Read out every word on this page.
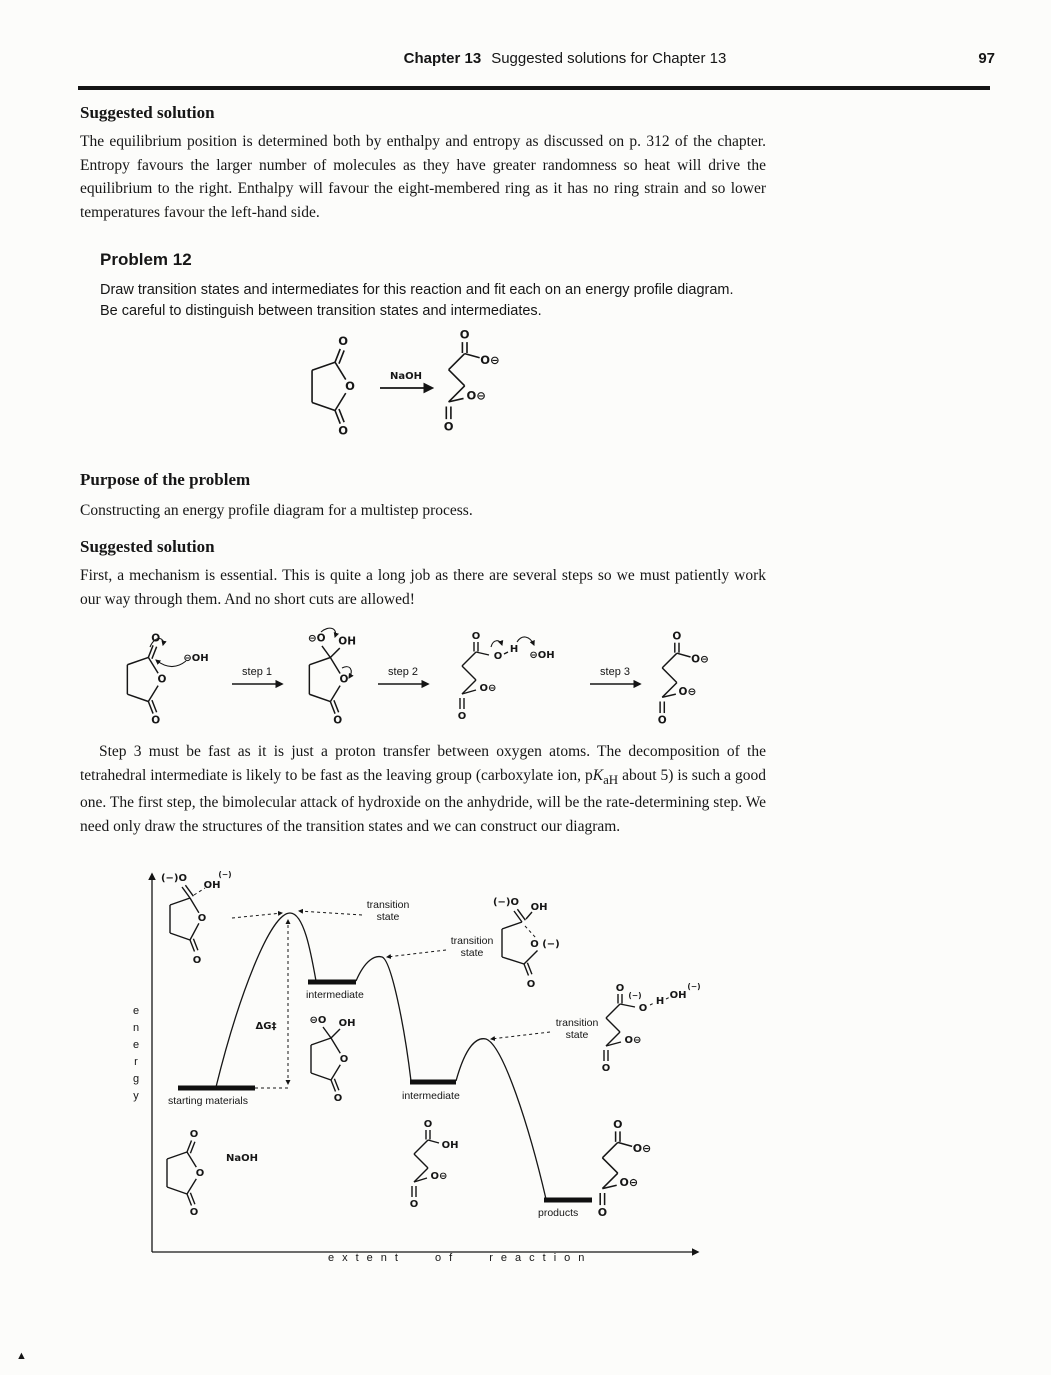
Chapter 13 Suggested solutions for Chapter 13	97
Suggested solution

The equilibrium position is determined both by enthalpy and entropy as discussed on p. 312 of the chapter. Entropy favours the larger number of molecules as they have greater randomness so heat will drive the equilibrium to the right. Enthalpy will favour the eight-membered ring as it has no ring strain and so lower temperatures favour the left-hand side.

Problem 12

Draw transition states and intermediates for this reaction and fit each on an energy profile diagram. Be careful to distinguish between transition states and intermediates.

NaOH
Purpose of the problem

Constructing an energy profile diagram for a multistep process.

Suggested solution

First, a mechanism is essential. This is quite a long job as there are several steps so we must patiently work our way through them. And no short cuts are allowed!

⊖OH
step 1	step 2
O
O
H
⊖OH
O⊖
O
step 3

Step 3 must be fast as it is just a proton transfer between oxygen atoms. The decomposition of the tetrahedral intermediate is likely to be fast as the leaving group (carboxylate ion, $pK_{aH}$ about 5) is such a good one. The first step, the bimolecular attack of hydroxide on the anhydride, will be the rate-determining step. We need only draw the structures of the transition states and we can construct our diagram.

ΔG‡
transition
state
transition
state
transition
state
intermediate
intermediate
starting materials
products
NaOH
(−)O
OH
(−)
O
O
(−)O OH
O (−)
O	O
(−)
O
H
OH
(−)
O⊖
O
energy
extent of reaction
▲
